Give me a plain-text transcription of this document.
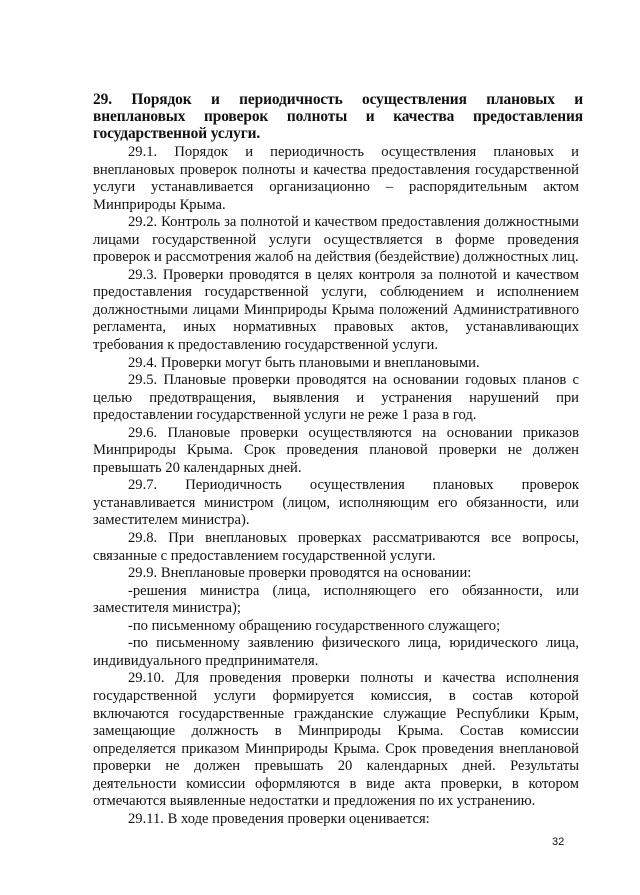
29. Порядок и периодичность осуществления плановых и внеплановых проверок полноты и качества предоставления государственной услуги.

29.1. Порядок и периодичность осуществления плановых и внеплановых проверок полноты и качества предоставления государственной услуги устанавливается организационно – распорядительным актом Минприроды Крыма.

29.2. Контроль за полнотой и качеством предоставления должностными лицами государственной услуги осуществляется в форме проведения проверок и рассмотрения жалоб на действия (бездействие) должностных лиц.

29.3. Проверки проводятся в целях контроля за полнотой и качеством предоставления государственной услуги, соблюдением и исполнением должностными лицами Минприроды Крыма положений Административного регламента, иных нормативных правовых актов, устанавливающих требования к предоставлению государственной услуги.

29.4. Проверки могут быть плановыми и внеплановыми.

29.5. Плановые проверки проводятся на основании годовых планов с целью предотвращения, выявления и устранения нарушений при предоставлении государственной услуги не реже 1 раза в год.

29.6. Плановые проверки осуществляются на основании приказов Минприроды Крыма. Срок проведения плановой проверки не должен превышать 20 календарных дней.

29.7. Периодичность осуществления плановых проверок устанавливается министром (лицом, исполняющим его обязанности, или заместителем министра).

29.8. При внеплановых проверках рассматриваются все вопросы, связанные с предоставлением государственной услуги.

29.9. Внеплановые проверки проводятся на основании:

-решения министра (лица, исполняющего его обязанности, или заместителя министра);

-по письменному обращению государственного служащего;

-по письменному заявлению физического лица, юридического лица, индивидуального предпринимателя.

29.10. Для проведения проверки полноты и качества исполнения государственной услуги формируется комиссия, в состав которой включаются государственные гражданские служащие Республики Крым, замещающие должность в Минприроды Крыма. Состав комиссии определяется приказом Минприроды Крыма. Срок проведения внеплановой проверки не должен превышать 20 календарных дней. Результаты деятельности комиссии оформляются в виде акта проверки, в котором отмечаются выявленные недостатки и предложения по их устранению.

29.11. В ходе проведения проверки оценивается:

32
